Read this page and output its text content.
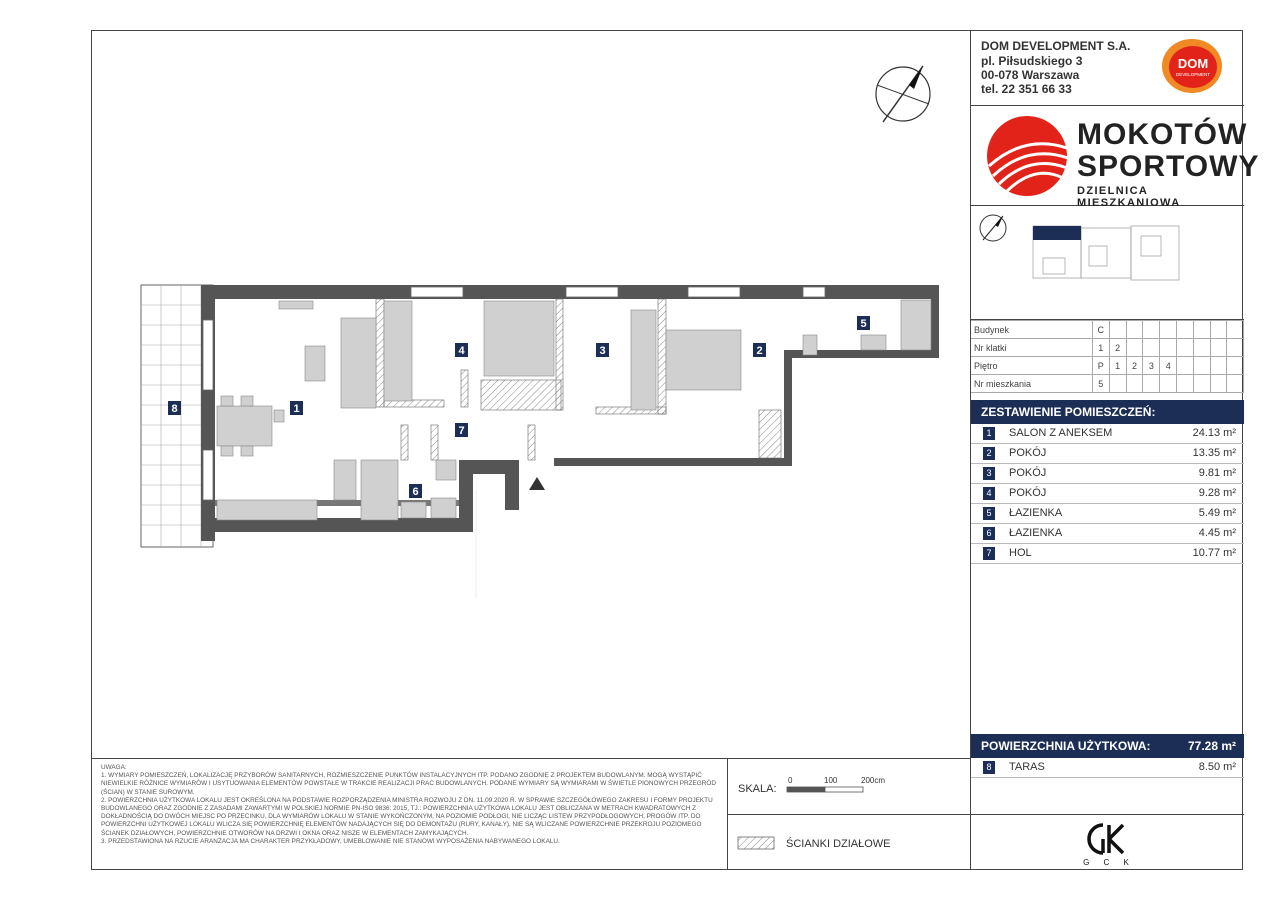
1
2
3
4
5
6
7
8
DOM DEVELOPMENT S.A.
pl. Piłsudskiego 3
00-078 Warszawa
tel. 22 351 66 33
DOM
DEVELOPMENT
MOKOTÓW
SPORTOWY
DZIELNICA MIESZKANIOWA
Budynek	C								
Nr klatki	1	2							
Piętro	P	1	2	3	4				
Nr mieszkania	5								
ZESTAWIENIE POMIESZCZEŃ:
1	SALON Z ANEKSEM	24.13 m²
2	POKÓJ	13.35 m²
3	POKÓJ	9.81 m²
4	POKÓJ	9.28 m²
5	ŁAZIENKA	5.49 m²
6	ŁAZIENKA	4.45 m²
7	HOL	10.77 m²
POWIERZCHNIA UŻYTKOWA:	77.28 m²
8	TARAS	8.50 m²
G C K

UWAGA:

1. WYMIARY POMIESZCZEŃ, LOKALIZACJĘ PRZYBORÓW SANITARNYCH, ROZMIESZCZENIE PUNKTÓW INSTALACYJNYCH ITP. PODANO ZGODNIE Z PROJEKTEM BUDOWLANYM. MOGĄ WYSTĄPIĆ NIEWIELKIE RÓŻNICE WYMIARÓW I USYTUOWANIA ELEMENTÓW POWSTAŁE W TRAKCIE REALIZACJI PRAC BUDOWLANYCH. PODANE WYMIARY SĄ WYMIARAMI W ŚWIETLE PIONOWYCH PRZEGRÓD (ŚCIAN) W STANIE SUROWYM.

2. POWIERZCHNIA UŻYTKOWA LOKALU JEST OKREŚLONA NA PODSTAWIE ROZPORZĄDZENIA MINISTRA ROZWOJU Z DN. 11.09.2020 R. W SPRAWIE SZCZEGÓŁOWEGO ZAKRESU I FORMY PROJEKTU BUDOWLANEGO ORAZ ZGODNIE Z ZASADAMI ZAWARTYMI W POLSKIEJ NORMIE PN-ISO 9836: 2015, TJ.: POWIERZCHNIA UŻYTKOWA LOKALU JEST OBLICZANA W METRACH KWADRATOWYCH Z DOKŁADNOŚCIĄ DO DWÓCH MIEJSC PO PRZECINKU, DLA WYMIARÓW LOKALU W STANIE WYKOŃCZONYM, NA POZIOMIE PODŁOGI, NIE LICZĄC LISTEW PRZYPODŁOGOWYCH, PROGÓW ITP. DO POWIERZCHNI UŻYTKOWEJ LOKALU WLICZA SIĘ POWIERZCHNIĘ ELEMENTÓW NADAJĄCYCH SIĘ DO DEMONTAŻU (RURY, KANAŁY), NIE SĄ WLICZANE POWIERZCHNIE PRZEKROJU POZIOMEGO ŚCIANEK DZIAŁOWYCH, POWIERZCHNIE OTWORÓW NA DRZWI I OKNA ORAZ NISZE W ELEMENTACH ZAMYKAJĄCYCH.

3. PRZEDSTAWIONA NA RZUCIE ARANŻACJA MA CHARAKTER PRZYKŁADOWY, UMEBLOWANIE NIE STANOWI WYPOSAŻENIA NABYWANEGO LOKALU.

SKALA:
0	100	200cm
ŚCIANKI DZIAŁOWE
